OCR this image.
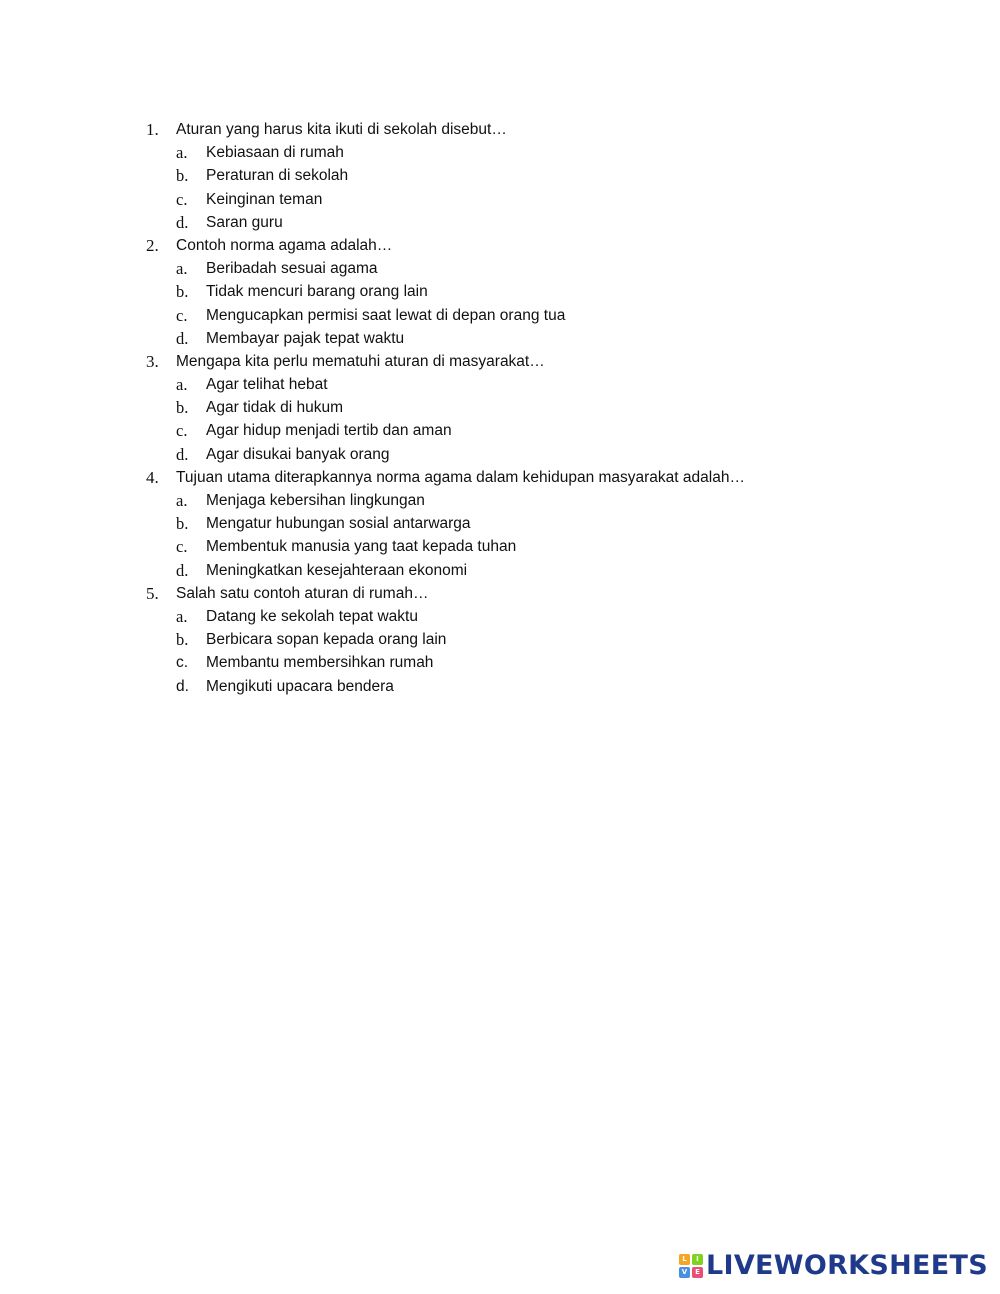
1.	Aturan yang harus kita ikuti di sekolah disebut…
a.	Kebiasaan di rumah
b.	Peraturan di sekolah
c.	Keinginan teman
d.	Saran guru
2.	Contoh norma agama adalah…
a.	Beribadah sesuai agama
b.	Tidak mencuri barang orang lain
c.	Mengucapkan permisi saat lewat di depan orang tua
d.	Membayar pajak tepat waktu
3.	Mengapa kita perlu mematuhi aturan di masyarakat…
a.	Agar telihat hebat
b.	Agar tidak di hukum
c.	Agar hidup menjadi tertib dan aman
d.	Agar disukai banyak orang
4.	Tujuan utama diterapkannya norma agama dalam kehidupan masyarakat adalah…
a.	Menjaga kebersihan lingkungan
b.	Mengatur hubungan sosial antarwarga
c.	Membentuk manusia yang taat kepada tuhan
d.	Meningkatkan kesejahteraan ekonomi
5.	Salah satu contoh aturan di rumah…
a.	Datang ke sekolah tepat waktu
b.	Berbicara sopan kepada orang lain
c.	Membantu membersihkan rumah
d.	Mengikuti upacara bendera
L	I
V	E LIVEWORKSHEETS
